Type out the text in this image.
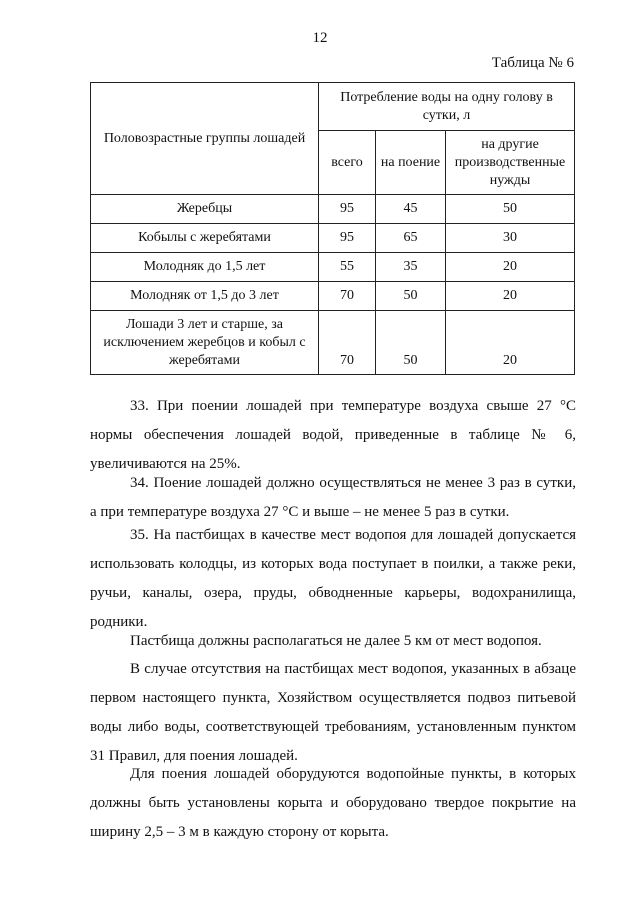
12
Таблица № 6
Половозрастные группы лошадей	Потребление воды на одну голову в сутки, л		
	всего	на поение	на другие производственные нужды
Жеребцы	95	45	50
Кобылы с жеребятами	95	65	30
Молодняк до 1,5 лет	55	35	20
Молодняк от 1,5 до 3 лет	70	50	20
Лошади 3 лет и старше, за исключением жеребцов и кобыл с жеребятами	70	50	20

33. При поении лошадей при температуре воздуха свыше 27 °С нормы обеспечения лошадей водой, приведенные в таблице № 6, увеличиваются на 25%.

34. Поение лошадей должно осуществляться не менее 3 раз в сутки, а при температуре воздуха 27 °С и выше – не менее 5 раз в сутки.

35. На пастбищах в качестве мест водопоя для лошадей допускается использовать колодцы, из которых вода поступает в поилки, а также реки, ручьи, каналы, озера, пруды, обводненные карьеры, водохранилища, родники.

Пастбища должны располагаться не далее 5 км от мест водопоя.

В случае отсутствия на пастбищах мест водопоя, указанных в абзаце первом настоящего пункта, Хозяйством осуществляется подвоз питьевой воды либо воды, соответствующей требованиям, установленным пунктом 31 Правил, для поения лошадей.

Для поения лошадей оборудуются водопойные пункты, в которых должны быть установлены корыта и оборудовано твердое покрытие на ширину 2,5 – 3 м в каждую сторону от корыта.
